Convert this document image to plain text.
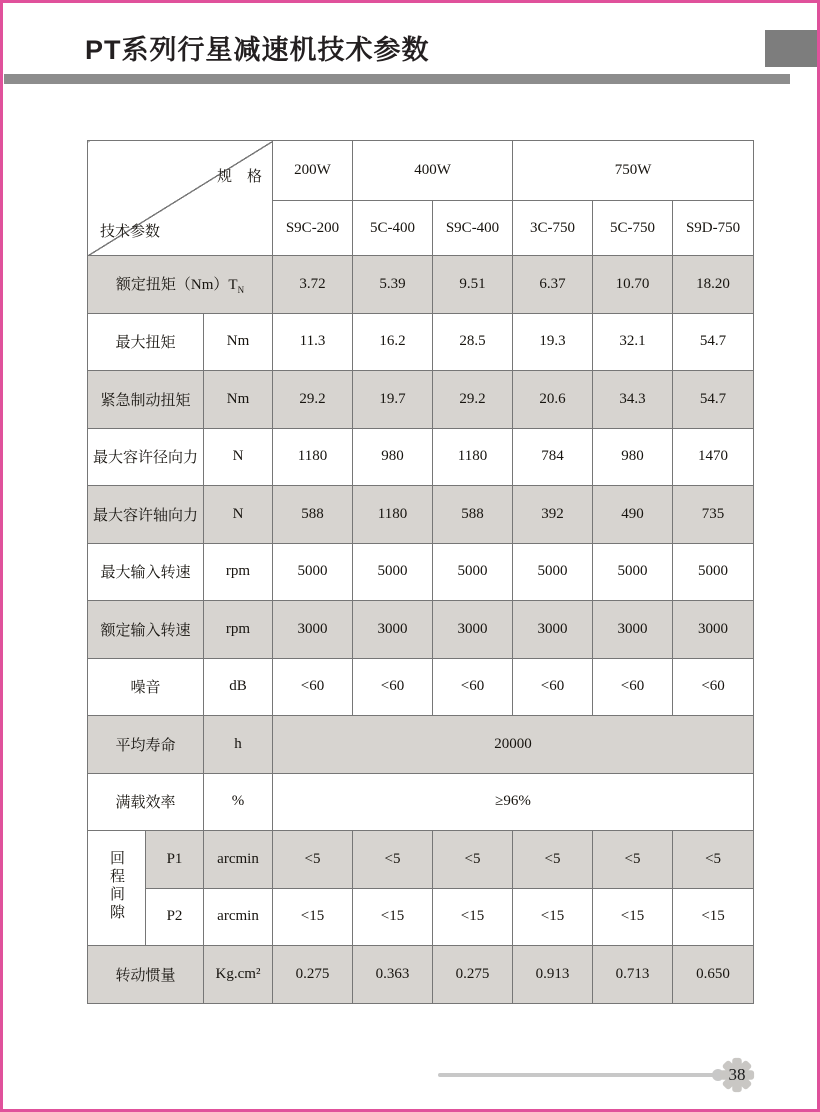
PT系列行星减速机技术参数
规　格
技术参数			200W	400W		750W		
			S9C-200	5C-400	S9C-400	3C-750	5C-750	S9D-750
额定扭矩$(Nm)T_N$			3.72	5.39	9.51	6.37	10.70	18.20
最大扭矩		Nm	11.3	16.2	28.5	19.3	32.1	54.7
紧急制动扭矩		Nm	29.2	19.7	29.2	20.6	34.3	54.7
最大容许径向力		N	1180	980	1180	784	980	1470
最大容许轴向力		N	588	1180	588	392	490	735
最大输入转速		rpm	5000	5000	5000	5000	5000	5000
额定输入转速		rpm	3000	3000	3000	3000	3000	3000
噪音		dB	<60	<60	<60	<60	<60	<60
平均寿命		h	20000					
满载效率		%	≥96%					
回程间隙	P1	arcmin	<5	<5	<5	<5	<5	<5
	P2	arcmin	<15	<15	<15	<15	<15	<15
转动惯量		Kg.cm²	0.275	0.363	0.275	0.913	0.713	0.650
38
